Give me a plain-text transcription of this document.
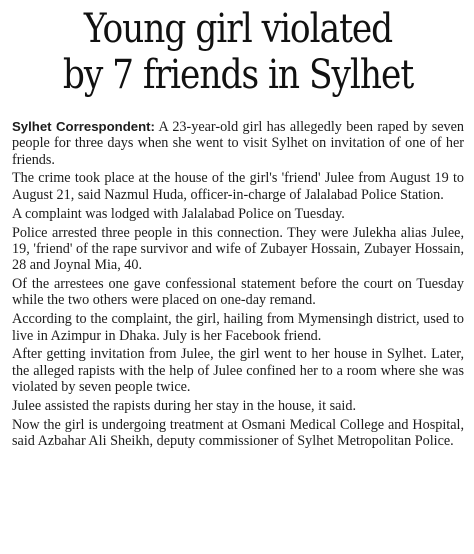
Young girl violated
by 7 friends in Sylhet

Sylhet Correspondent: A 23-year-old girl has allegedly been raped by seven people for three days when she went to visit Sylhet on invitation of one of her friends.

The crime took place at the house of the girl's 'friend' Julee from August 19 to August 21, said Nazmul Huda, officer-in-charge of Jalalabad Police Station.

A complaint was lodged with Jalalabad Police on Tuesday.

Police arrested three people in this connection. They were Julekha alias Julee, 19, 'friend' of the rape survivor and wife of Zubayer Hossain, Zubayer Hossain, 28 and Joynal Mia, 40.

Of the arrestees one gave confessional statement before the court on Tuesday while the two others were placed on one-day remand.

According to the complaint, the girl, hailing from Mymensingh district, used to live in Azimpur in Dhaka. July is her Facebook friend.

After getting invitation from Julee, the girl went to her house in Sylhet. Later, the alleged rapists with the help of Julee confined her to a room where she was violated by seven people twice.

Julee assisted the rapists during her stay in the house, it said.

Now the girl is undergoing treatment at Osmani Medical College and Hospital, said Azbahar Ali Sheikh, deputy commissioner of Sylhet Metropolitan Police.
